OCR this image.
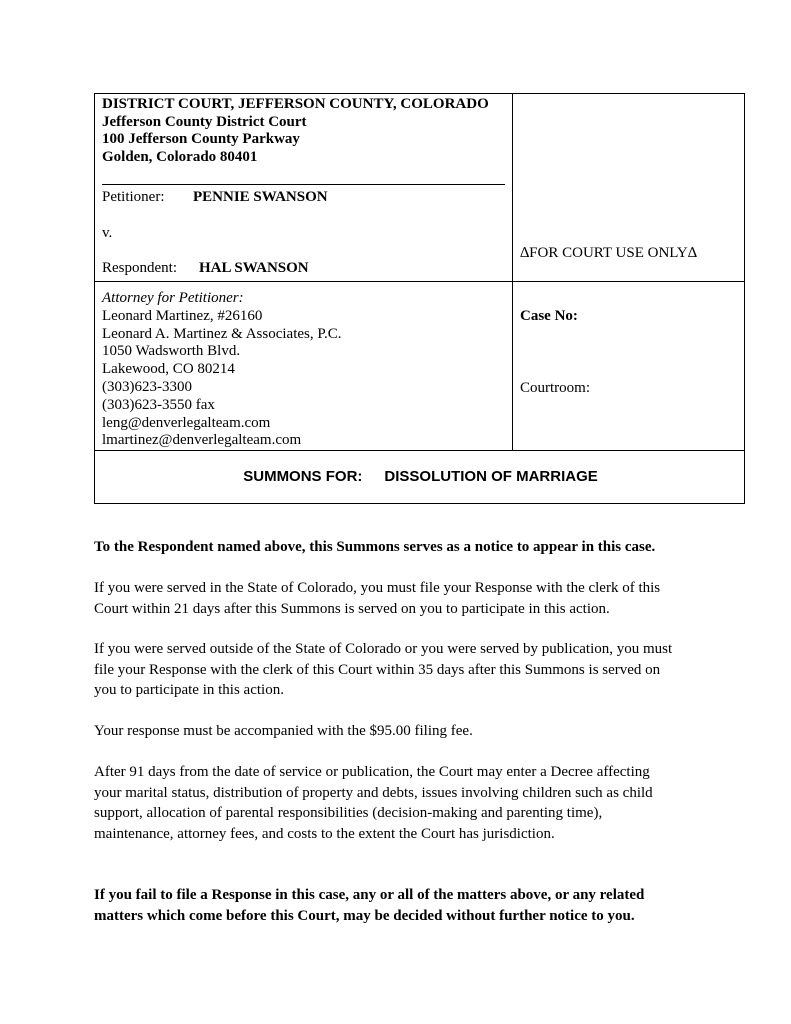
DISTRICT COURT, JEFFERSON COUNTY, COLORADO
Jefferson County District Court
100 Jefferson County Parkway
Golden, Colorado 80401
Petitioner: PENNIE SWANSON
v.
Respondent: HAL SWANSON
∆FOR COURT USE ONLY∆
Attorney for Petitioner:
Leonard Martinez, #26160
Leonard A. Martinez & Associates, P.C.
1050 Wadsworth Blvd.
Lakewood, CO 80214
(303)623-3300
(303)623-3550 fax
leng@denverlegalteam.com
lmartinez@denverlegalteam.com
Case No:
Courtroom:
SUMMONS FOR: DISSOLUTION OF MARRIAGE
To the Respondent named above, this Summons serves as a notice to appear in this case.
If you were served in the State of Colorado, you must file your Response with the clerk of this
Court within 21 days after this Summons is served on you to participate in this action.
If you were served outside of the State of Colorado or you were served by publication, you must
file your Response with the clerk of this Court within 35 days after this Summons is served on
you to participate in this action.
Your response must be accompanied with the $95.00 filing fee.
After 91 days from the date of service or publication, the Court may enter a Decree affecting
your marital status, distribution of property and debts, issues involving children such as child
support, allocation of parental responsibilities (decision-making and parenting time),
maintenance, attorney fees, and costs to the extent the Court has jurisdiction.
If you fail to file a Response in this case, any or all of the matters above, or any related
matters which come before this Court, may be decided without further notice to you.
